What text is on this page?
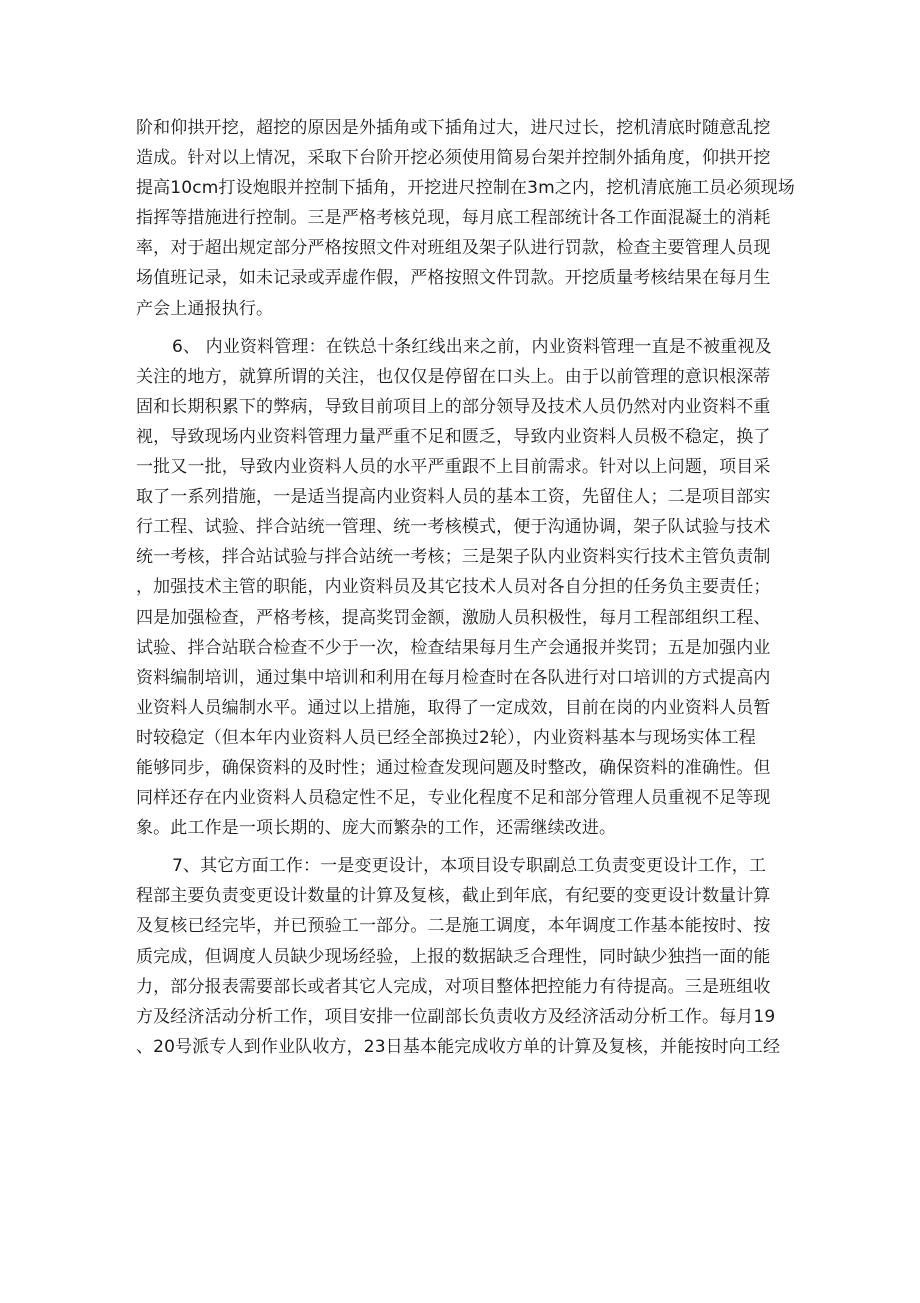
阶和仰拱开挖，超挖的原因是外插角或下插角过大，进尺过长，挖机清底时随意乱挖
造成。针对以上情况，采取下台阶开挖必须使用简易台架并控制外插角度，仰拱开挖
提高10cm打设炮眼并控制下插角，开挖进尺控制在3m之内，挖机清底施工员必须现场
指挥等措施进行控制。三是严格考核兑现，每月底工程部统计各工作面混凝土的消耗
率，对于超出规定部分严格按照文件对班组及架子队进行罚款，检查主要管理人员现
场值班记录，如未记录或弄虚作假，严格按照文件罚款。开挖质量考核结果在每月生
产会上通报执行。
6、 内业资料管理：在铁总十条红线出来之前，内业资料管理一直是不被重视及
关注的地方，就算所谓的关注，也仅仅是停留在口头上。由于以前管理的意识根深蒂
固和长期积累下的弊病，导致目前项目上的部分领导及技术人员仍然对内业资料不重
视，导致现场内业资料管理力量严重不足和匮乏，导致内业资料人员极不稳定，换了
一批又一批，导致内业资料人员的水平严重跟不上目前需求。针对以上问题，项目采
取了一系列措施，一是适当提高内业资料人员的基本工资，先留住人；二是项目部实
行工程、试验、拌合站统一管理、统一考核模式，便于沟通协调，架子队试验与技术
统一考核，拌合站试验与拌合站统一考核；三是架子队内业资料实行技术主管负责制
，加强技术主管的职能，内业资料员及其它技术人员对各自分担的任务负主要责任；
四是加强检查，严格考核，提高奖罚金额，激励人员积极性，每月工程部组织工程、
试验、拌合站联合检查不少于一次，检查结果每月生产会通报并奖罚；五是加强内业
资料编制培训，通过集中培训和利用在每月检查时在各队进行对口培训的方式提高内
业资料人员编制水平。通过以上措施，取得了一定成效，目前在岗的内业资料人员暂
时较稳定（但本年内业资料人员已经全部换过2轮），内业资料基本与现场实体工程
能够同步，确保资料的及时性；通过检查发现问题及时整改，确保资料的准确性。但
同样还存在内业资料人员稳定性不足，专业化程度不足和部分管理人员重视不足等现
象。此工作是一项长期的、庞大而繁杂的工作，还需继续改进。
7、其它方面工作：一是变更设计，本项目设专职副总工负责变更设计工作，工
程部主要负责变更设计数量的计算及复核，截止到年底，有纪要的变更设计数量计算
及复核已经完毕，并已预验工一部分。二是施工调度，本年调度工作基本能按时、按
质完成，但调度人员缺少现场经验，上报的数据缺乏合理性，同时缺少独挡一面的能
力，部分报表需要部长或者其它人完成，对项目整体把控能力有待提高。三是班组收
方及经济活动分析工作，项目安排一位副部长负责收方及经济活动分析工作。每月19
、20号派专人到作业队收方，23日基本能完成收方单的计算及复核，并能按时向工经
